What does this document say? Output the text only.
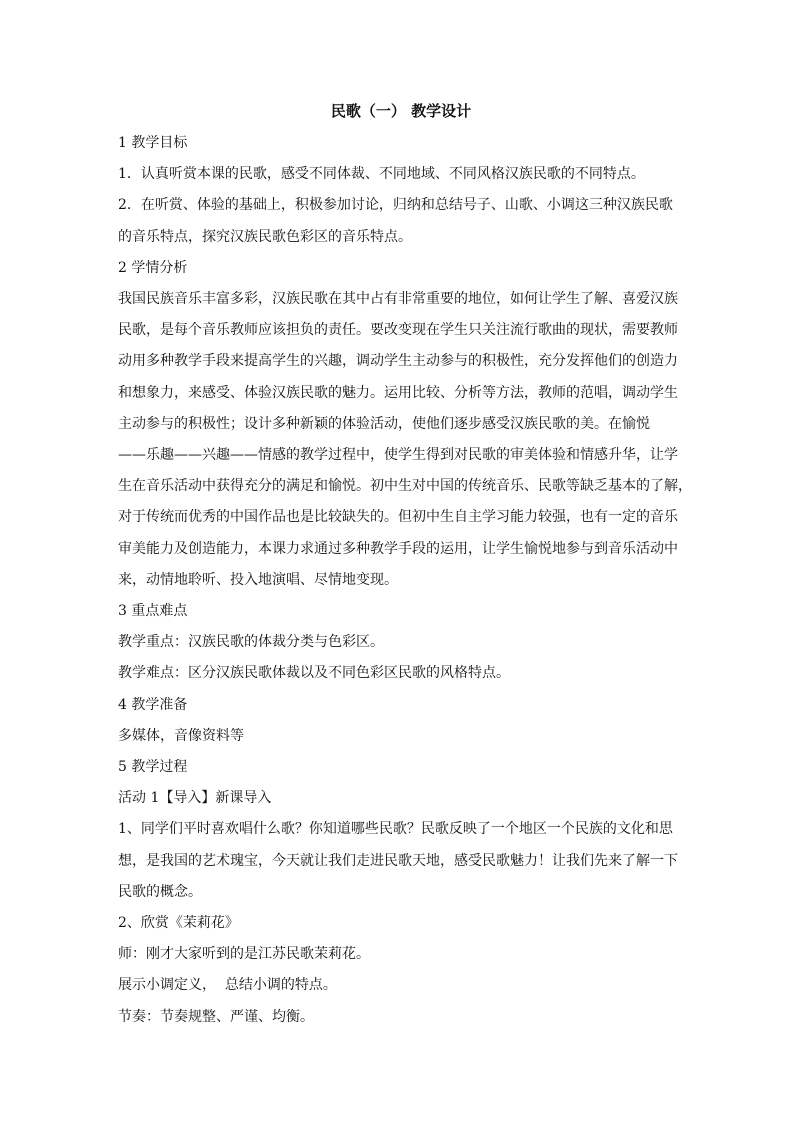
民歌（一） 教学设计

1 教学目标

1．认真听赏本课的民歌，感受不同体裁、不同地域、不同风格汉族民歌的不同特点。

2．在听赏、体验的基础上，积极参加讨论，归纳和总结号子、山歌、小调这三种汉族民歌
的音乐特点，探究汉族民歌色彩区的音乐特点。

2 学情分析

我国民族音乐丰富多彩，汉族民歌在其中占有非常重要的地位，如何让学生了解、喜爱汉族
民歌，是每个音乐教师应该担负的责任。要改变现在学生只关注流行歌曲的现状，需要教师
动用多种教学手段来提高学生的兴趣，调动学生主动参与的积极性，充分发挥他们的创造力
和想象力，来感受、体验汉族民歌的魅力。运用比较、分析等方法，教师的范唱，调动学生
主动参与的积极性；设计多种新颖的体验活动，使他们逐步感受汉族民歌的美。在愉悦
——乐趣——兴趣——情感的教学过程中，使学生得到对民歌的审美体验和情感升华，让学
生在音乐活动中获得充分的满足和愉悦。初中生对中国的传统音乐、民歌等缺乏基本的了解，
对于传统而优秀的中国作品也是比较缺失的。但初中生自主学习能力较强，也有一定的音乐
审美能力及创造能力，本课力求通过多种教学手段的运用，让学生愉悦地参与到音乐活动中
来，动情地聆听、投入地演唱、尽情地变现。

3 重点难点

教学重点：汉族民歌的体裁分类与色彩区。

教学难点：区分汉族民歌体裁以及不同色彩区民歌的风格特点。

4 教学准备

多媒体，音像资料等

5 教学过程

活动 1【导入】新课导入

1、同学们平时喜欢唱什么歌？你知道哪些民歌？民歌反映了一个地区一个民族的文化和思
想，是我国的艺术瑰宝，今天就让我们走进民歌天地，感受民歌魅力！让我们先来了解一下
民歌的概念。

2、欣赏《茉莉花》

师：刚才大家听到的是江苏民歌茉莉花。

展示小调定义，  总结小调的特点。

节奏：节奏规整、严谨、均衡。
